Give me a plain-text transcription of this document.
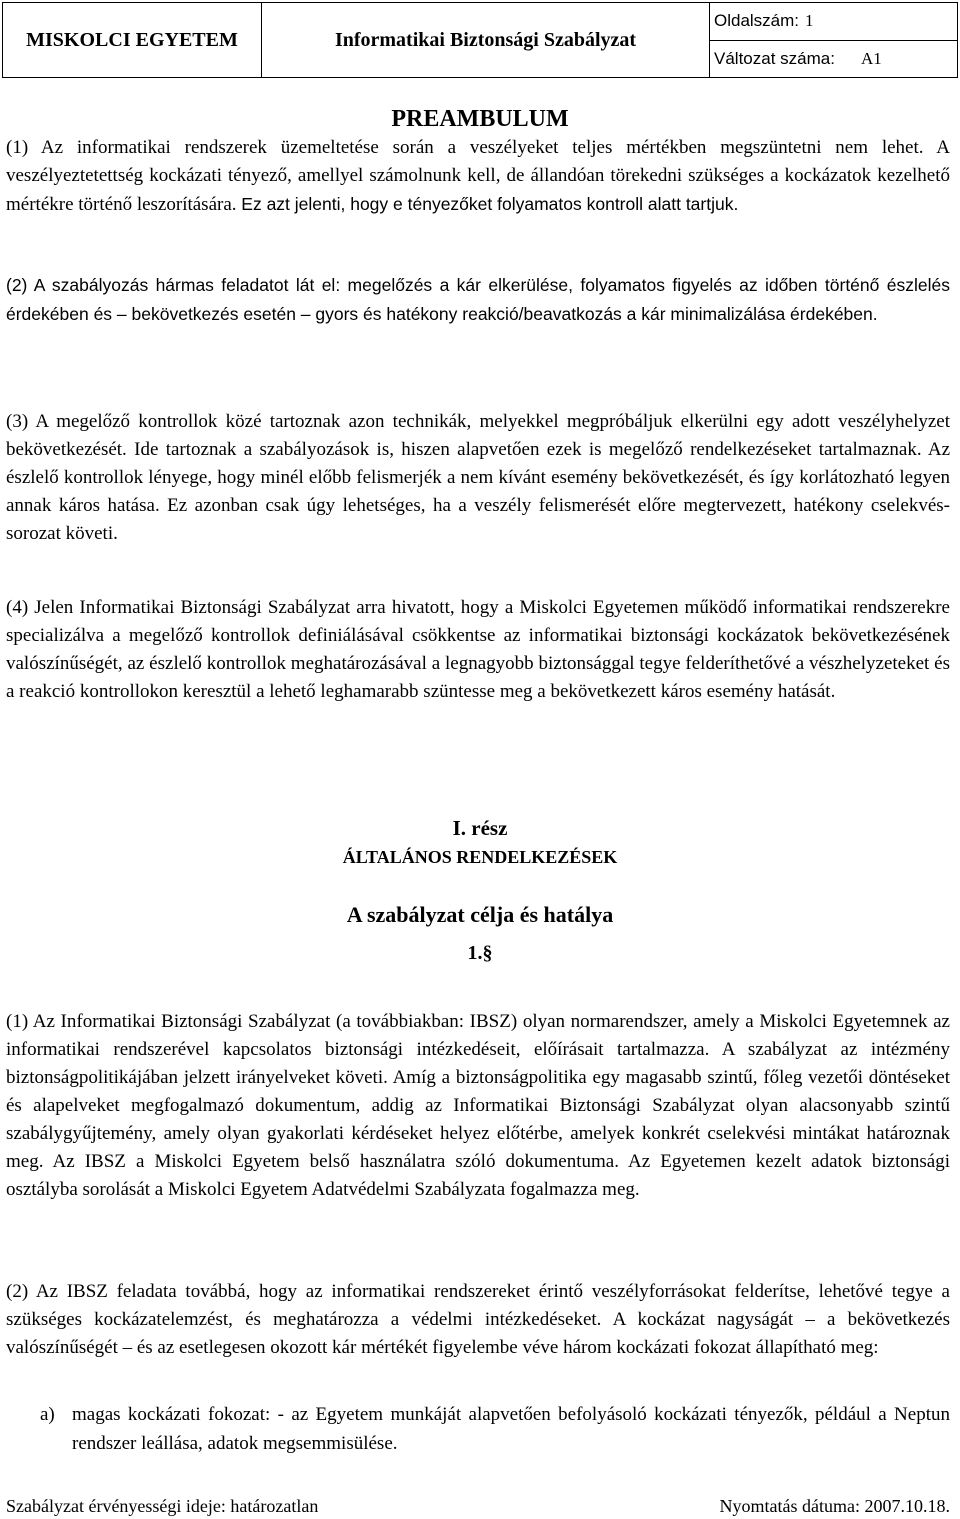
MISKOLCI EGYETEM	Informatikai Biztonsági Szabályzat
Oldalszám: 1
Változat száma: A1
PREAMBULUM

(1) Az informatikai rendszerek üzemeltetése során a veszélyeket teljes mértékben megszüntetni nem lehet. A veszélyeztetettség kockázati tényező, amellyel számolnunk kell, de állandóan törekedni szükséges a kockázatok kezelhető mértékre történő leszorítására. Ez azt jelenti, hogy e tényezőket folyamatos kontroll alatt tartjuk.

(2) A szabályozás hármas feladatot lát el: megelőzés a kár elkerülése, folyamatos figyelés az időben történő észlelés érdekében és – bekövetkezés esetén – gyors és hatékony reakció/beavatkozás a kár minimalizálása érdekében.

(3) A megelőző kontrollok közé tartoznak azon technikák, melyekkel megpróbáljuk elkerülni egy adott veszélyhelyzet bekövetkezését. Ide tartoznak a szabályozások is, hiszen alapvetően ezek is megelőző rendelkezéseket tartalmaznak. Az észlelő kontrollok lényege, hogy minél előbb felismerjék a nem kívánt esemény bekövetkezését, és így korlátozható legyen annak káros hatása. Ez azonban csak úgy lehetséges, ha a veszély felismerését előre megtervezett, hatékony cselekvés-sorozat követi.

(4) Jelen Informatikai Biztonsági Szabályzat arra hivatott, hogy a Miskolci Egyetemen működő informatikai rendszerekre specializálva a megelőző kontrollok definiálásával csökkentse az informatikai biztonsági kockázatok bekövetkezésének valószínűségét, az észlelő kontrollok meghatározásával a legnagyobb biztonsággal tegye felderíthetővé a vészhelyzeteket és a reakció kontrollokon keresztül a lehető leghamarabb szüntesse meg a bekövetkezett káros esemény hatását.

I. rész
ÁLTALÁNOS RENDELKEZÉSEK
A szabályzat célja és hatálya
1.§

(1) Az Informatikai Biztonsági Szabályzat (a továbbiakban: IBSZ) olyan normarendszer, amely a Miskolci Egyetemnek az informatikai rendszerével kapcsolatos biztonsági intézkedéseit, előírásait tartalmazza. A szabályzat az intézmény biztonságpolitikájában jelzett irányelveket követi. Amíg a biztonságpolitika egy magasabb szintű, főleg vezetői döntéseket és alapelveket megfogalmazó dokumentum, addig az Informatikai Biztonsági Szabályzat olyan alacsonyabb szintű szabálygyűjtemény, amely olyan gyakorlati kérdéseket helyez előtérbe, amelyek konkrét cselekvési mintákat határoznak meg. Az IBSZ a Miskolci Egyetem belső használatra szóló dokumentuma. Az Egyetemen kezelt adatok biztonsági osztályba sorolását a Miskolci Egyetem Adatvédelmi Szabályzata fogalmazza meg.

(2) Az IBSZ feladata továbbá, hogy az informatikai rendszereket érintő veszélyforrásokat felderítse, lehetővé tegye a szükséges kockázatelemzést, és meghatározza a védelmi intézkedéseket. A kockázat nagyságát – a bekövetkezés valószínűségét – és az esetlegesen okozott kár mértékét figyelembe véve három kockázati fokozat állapítható meg:

a) magas kockázati fokozat: - az Egyetem munkáját alapvetően befolyásoló kockázati tényezők, például a Neptun rendszer leállása, adatok megsemmisülése.
Szabályzat érvényességi ideje: határozatlan	Nyomtatás dátuma: 2007.10.18.
